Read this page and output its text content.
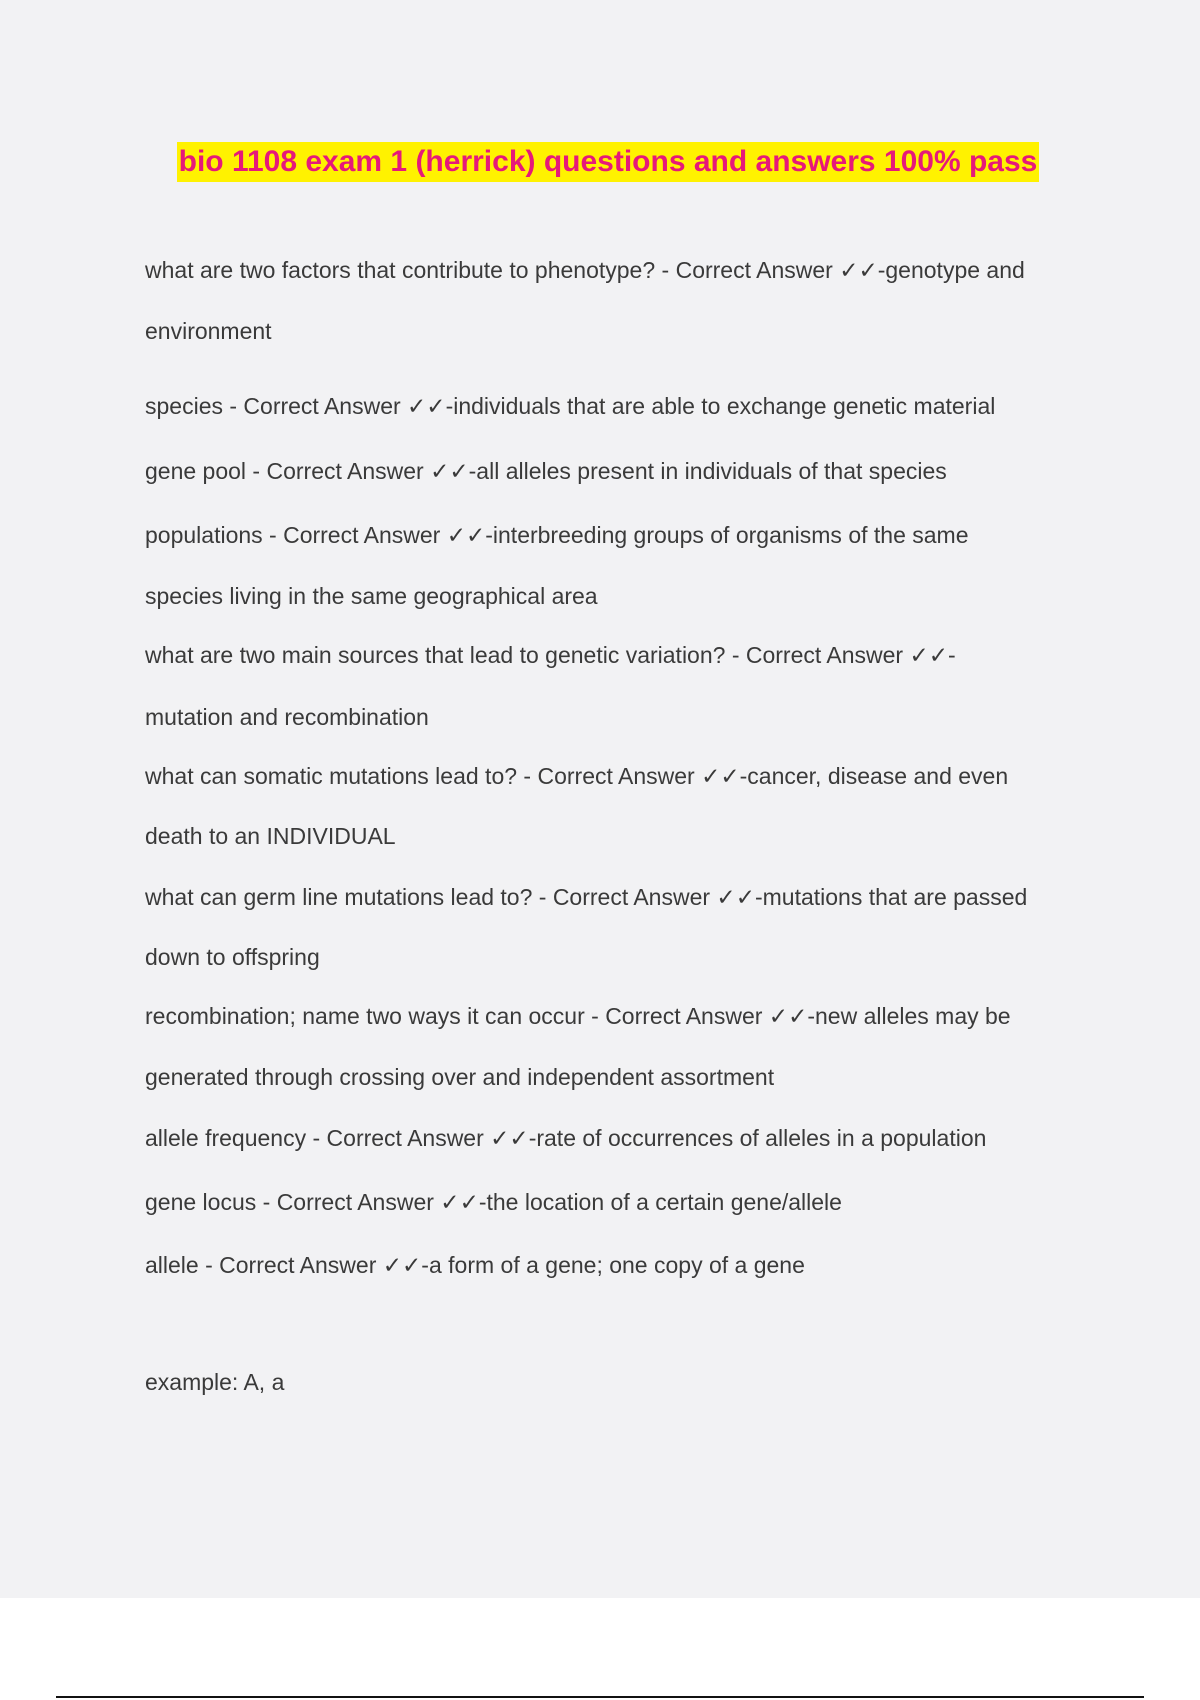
bio 1108 exam 1 (herrick) questions and answers 100% pass
what are two factors that contribute to phenotype? - Correct Answer ✓✓-genotype and
environment
species - Correct Answer ✓✓-individuals that are able to exchange genetic material
gene pool - Correct Answer ✓✓-all alleles present in individuals of that species
populations - Correct Answer ✓✓-interbreeding groups of organisms of the same
species living in the same geographical area
what are two main sources that lead to genetic variation? - Correct Answer ✓✓-
mutation and recombination
what can somatic mutations lead to? - Correct Answer ✓✓-cancer, disease and even
death to an INDIVIDUAL
what can germ line mutations lead to? - Correct Answer ✓✓-mutations that are passed
down to offspring
recombination; name two ways it can occur - Correct Answer ✓✓-new alleles may be
generated through crossing over and independent assortment
allele frequency - Correct Answer ✓✓-rate of occurrences of alleles in a population
gene locus - Correct Answer ✓✓-the location of a certain gene/allele
allele - Correct Answer ✓✓-a form of a gene; one copy of a gene
example: A, a
